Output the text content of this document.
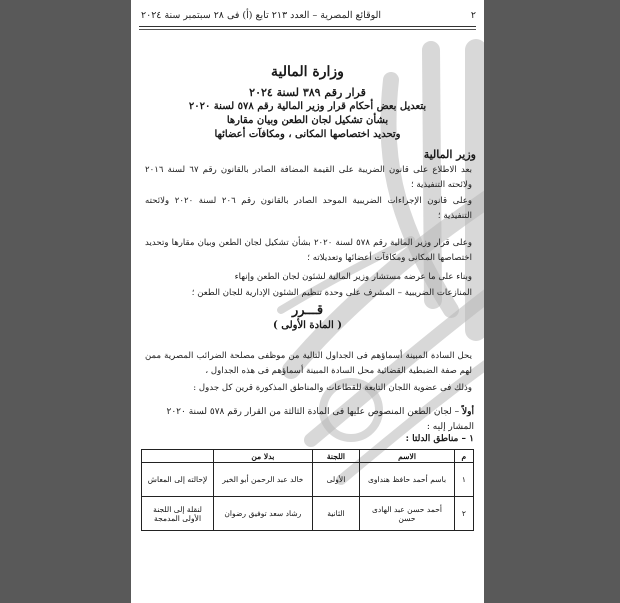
٢
الوقائع المصرية – العدد ٢١٣ تابع (أ) فى ٢٨ سبتمبر سنة ٢٠٢٤
وزارة المالية
قرار رقم ٣٨٩ لسنة ٢٠٢٤
بتعديل بعض أحكام قرار وزير المالية رقم ٥٧٨ لسنة ٢٠٢٠
بشأن تشكيل لجان الطعن وبيان مقارها
وتحديد اختصاصها المكانى ، ومكافآت أعضائها
وزير المالية
بعد الاطلاع على قانون الضريبة على القيمة المضافة الصادر بالقانون رقم ٦٧ لسنة ٢٠١٦ ولائحته التنفيذية ؛
وعلى قانون الإجراءات الضريبية الموحد الصادر بالقانون رقم ٢٠٦ لسنة ٢٠٢٠ ولائحته التنفيذية ؛
وعلى قرار وزير المالية رقم ٥٧٨ لسنة ٢٠٢٠ بشأن تشكيل لجان الطعن وبيان مقارها وتحديد اختصاصها المكانى ومكافآت أعضائها وتعديلاته ؛
وبناء على ما عرضه مستشار وزير المالية لشئون لجان الطعن وإنهاء
المنازعات الضريبية – المشرف على وحدة تنظيم الشئون الإدارية للجان الطعن ؛
قـــرر
( المادة الأولى )
يحل السادة المبينة أسماؤهم فى الجداول التالية من موظفى مصلحة الضرائب المصرية ممن لهم صفة الضبطية القضائية محل السادة المبينة أسماؤهم فى هذه الجداول ،
وذلك فى عضوية اللجان التابعة للقطاعات والمناطق المذكورة قرين كل جدول :
أولاً – لجان الطعن المنصوص عليها فى المادة الثالثة من القرار رقم ٥٧٨ لسنة ٢٠٢٠ المشار إليه :
١ – مناطق الدلتا :
م	الاسم	اللجنة	بدلا من	
١	باسم أحمد حافظ هنداوى	الأولى	خالد عبد الرحمن أبو الخير	لإحالته إلى المعاش
٢	أحمد حسن عبد الهادى حسن	الثانية	رشاد سعد توفيق رضوان	لنقلة إلى اللجنة الأولى المدمجة
